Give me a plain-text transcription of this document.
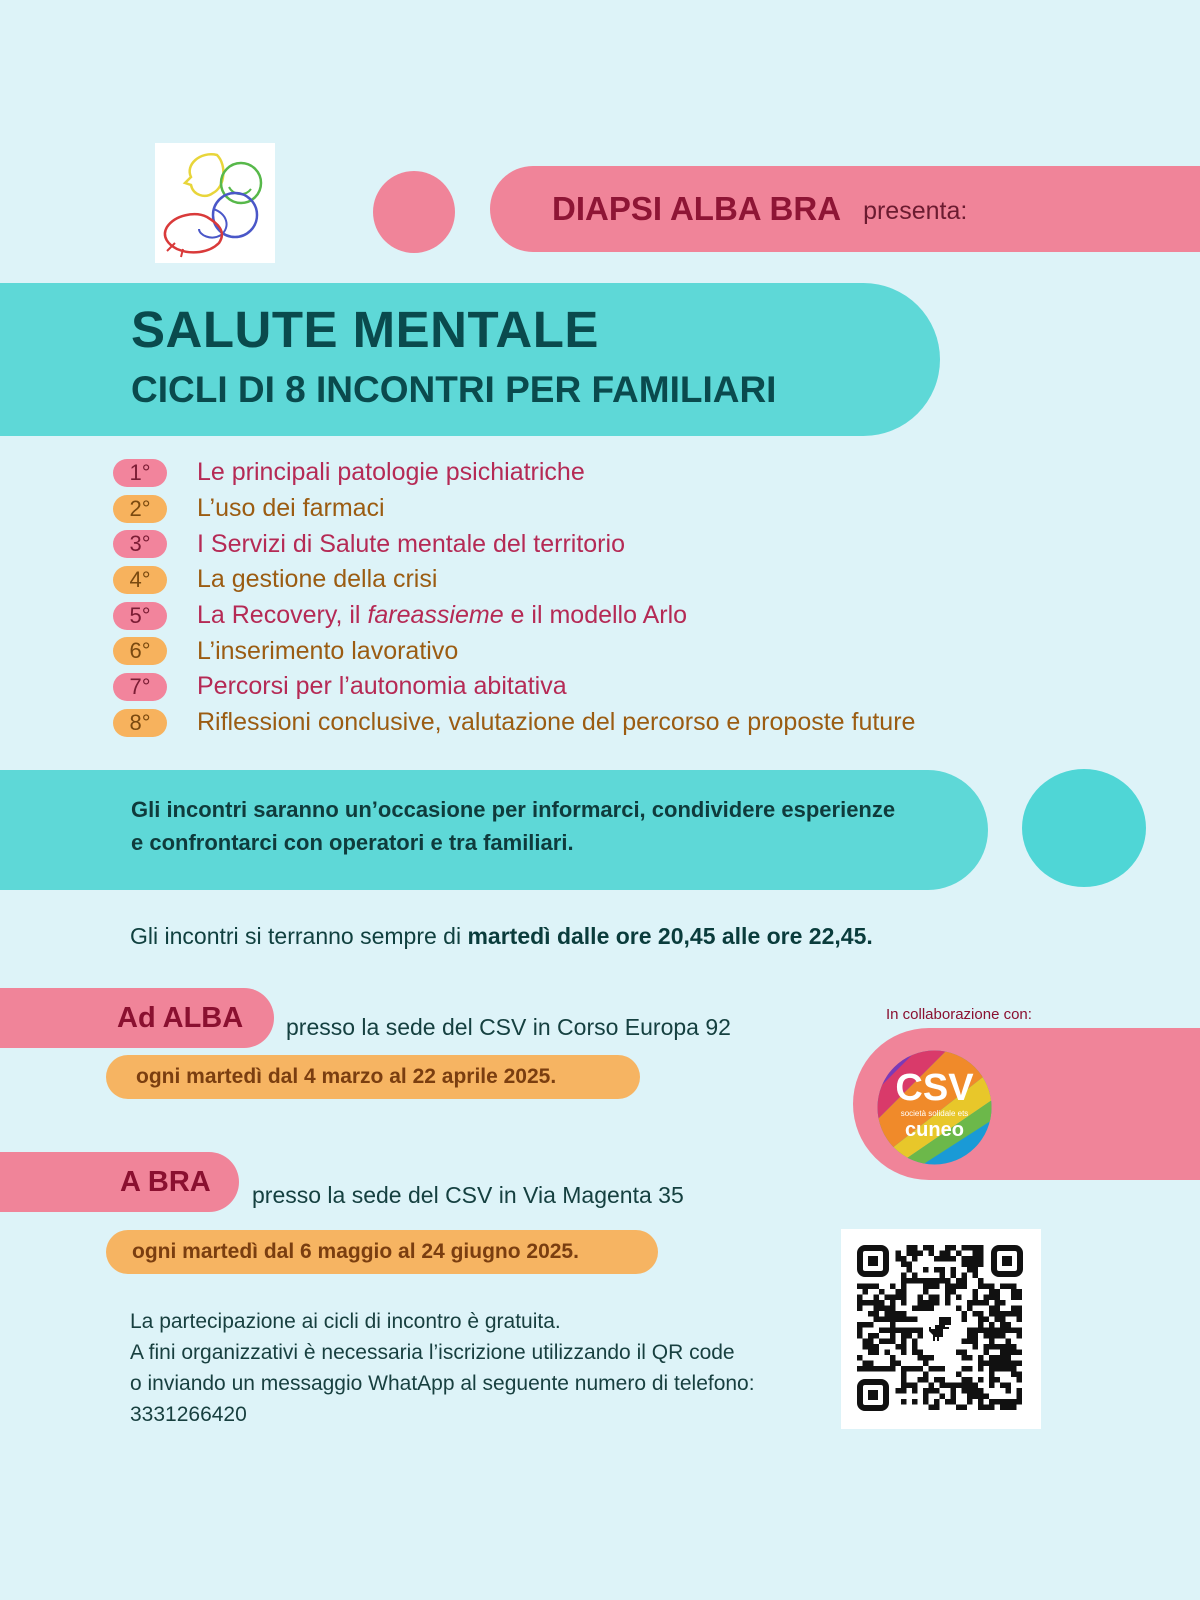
DIAPSI ALBA BRA presenta:
SALUTE MENTALE
CICLI DI 8 INCONTRI PER FAMILIARI
1°	Le principali patologie psichiatriche
2°	L’uso dei farmaci
3°	I Servizi di Salute mentale del territorio
4°	La gestione della crisi
5°	La Recovery, il fareassieme e il modello Arlo
6°	L’inserimento lavorativo
7°	Percorsi per l’autonomia abitativa
8°	Riflessioni conclusive, valutazione del percorso e proposte future
Gli incontri saranno un’occasione per informarci, condividere esperienze
e confrontarci con operatori e tra familiari.
Gli incontri si terranno sempre di martedì dalle ore 20,45 alle ore 22,45.
Ad ALBA presso la sede del CSV in Corso Europa 92
ogni martedì dal 4 marzo al 22 aprile 2025.
A BRA presso la sede del CSV in Via Magenta 35
ogni martedì dal 6 maggio al 24 giugno 2025.
In collaborazione con:
CSV
società solidale ets
cuneo
La partecipazione ai cicli di incontro è gratuita.
A fini organizzativi è necessaria l’iscrizione utilizzando il QR code
o inviando un messaggio WhatApp al seguente numero di telefono:
3331266420
